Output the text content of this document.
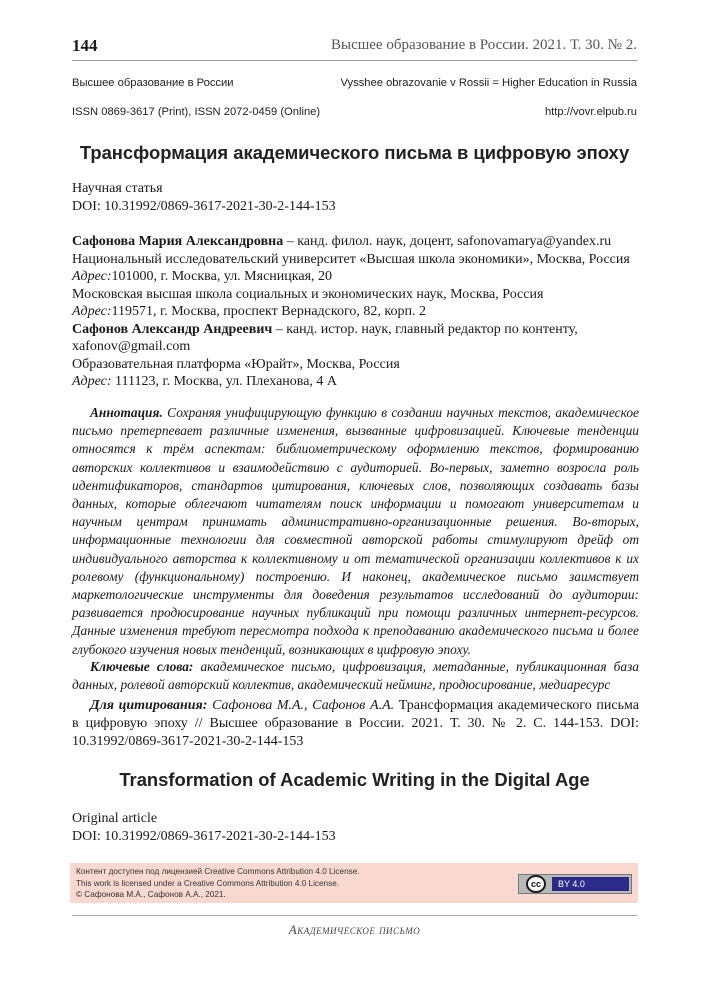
144	Высшее образование в России. 2021. Т. 30. № 2.
Высшее образование в России	Vysshee obrazovanie v Rossii = Higher Education in Russia
ISSN 0869-3617 (Print), ISSN 2072-0459 (Online)	http://vovr.elpub.ru
Трансформация академического письма в цифровую эпоху

Научная статья

DOI: 10.31992/0869-3617-2021-30-2-144-153

Сафонова Мария Александровна – канд. филол. наук, доцент, safonovamarya@yandex.ru

Национальный исследовательский университет «Высшая школа экономики», Москва, Россия

Адрес:101000, г. Москва, ул. Мясницкая, 20

Московская высшая школа социальных и экономических наук, Москва, Россия

Адрес:119571, г. Москва, проспект Вернадского, 82, корп. 2

Сафонов Александр Андреевич – канд. истор. наук, главный редактор по контенту, xafonov@gmail.com

Образовательная платформа «Юрайт», Москва, Россия

Адрес: 111123, г. Москва, ул. Плеханова, 4 А

Аннотация. Сохраняя унифицирующую функцию в создании научных текстов, академическое письмо претерпевает различные изменения, вызванные цифровизацией. Ключевые тенденции относятся к трём аспектам: библиометрическому оформлению текстов, формированию авторских коллективов и взаимодействию с аудиторией. Во-первых, заметно возросла роль идентификаторов, стандартов цитирования, ключевых слов, позволяющих создавать базы данных, которые облегчают читателям поиск информации и помогают университетам и научным центрам принимать административно-организационные решения. Во-вторых, информационные технологии для совместной авторской работы стимулируют дрейф от индивидуального авторства к коллективному и от тематической организации коллективов к их ролевому (функциональному) построению. И наконец, академическое письмо заимствует маркетологические инструменты для доведения результатов исследований до аудитории: развивается продюсирование научных публикаций при помощи различных интернет-ресурсов. Данные изменения требуют пересмотра подхода к преподаванию академического письма и более глубокого изучения новых тенденций, возникающих в цифровую эпоху.

Ключевые слова: академическое письмо, цифровизация, метаданные, публикационная база данных, ролевой авторский коллектив, академический нейминг, продюсирование, медиаресурс

Для цитирования: Сафонова М.А., Сафонов А.А. Трансформация академического письма в цифровую эпоху // Высшее образование в России. 2021. Т. 30. № 2. С. 144-153. DOI: 10.31992/0869-3617-2021-30-2-144-153

Transformation of Academic Writing in the Digital Age

Original article

DOI: 10.31992/0869-3617-2021-30-2-144-153

Контент доступен под лицензией Creative Commons Attribution 4.0 License.
This work is licensed under a Creative Commons Attribution 4.0 License.
© Сафонова М.А., Сафонов А.А., 2021.
cc	BY 4.0
Академическое письмо
